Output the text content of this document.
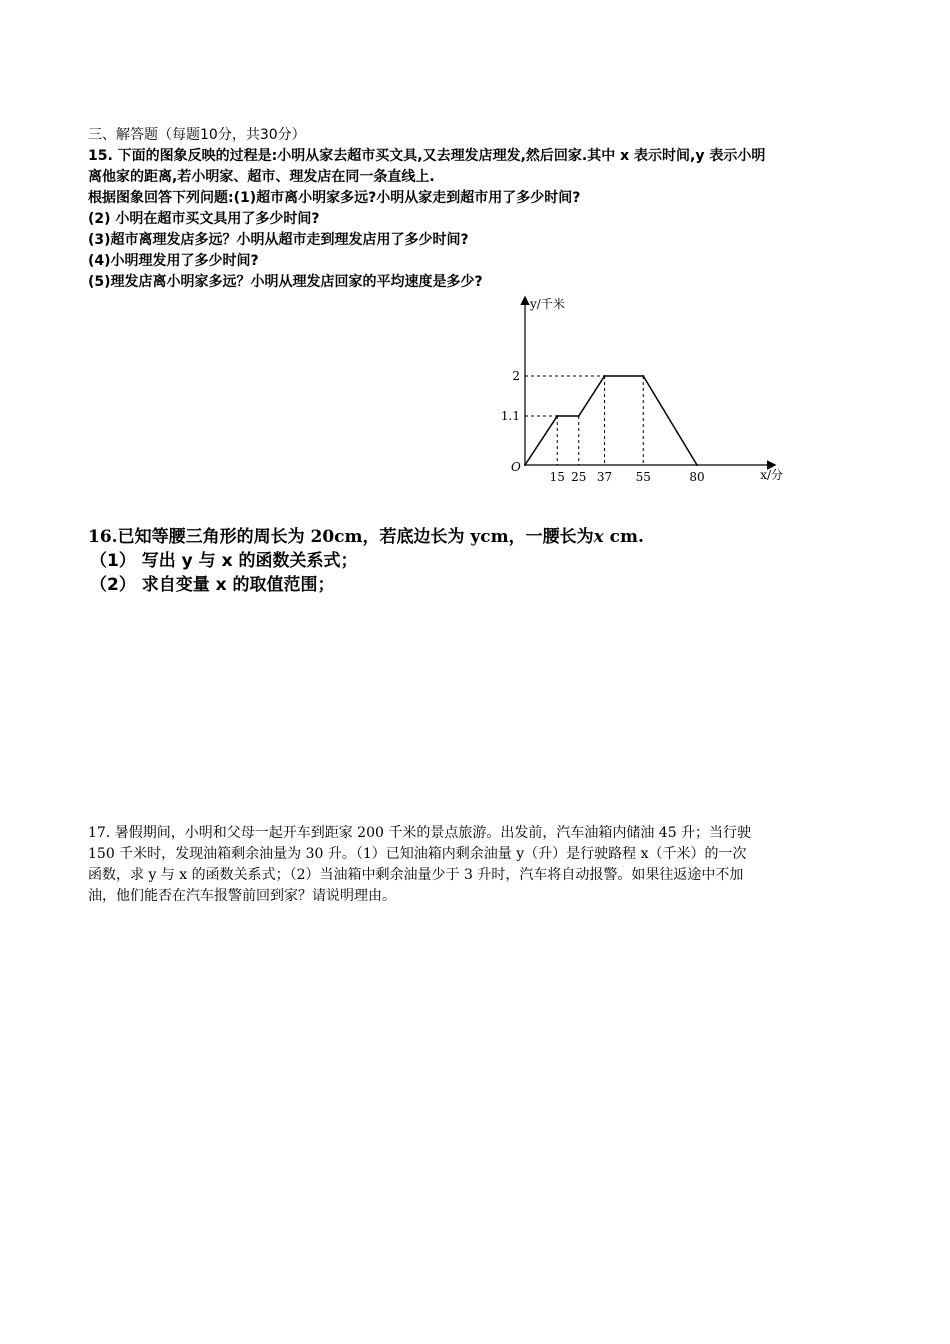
三、解答题（每题10分，共30分）
15. 下面的图象反映的过程是:小明从家去超市买文具,又去理发店理发,然后回家.其中 x 表示时间,y 表示小明
离他家的距离,若小明家、超市、理发店在同一条直线上.
根据图象回答下列问题:(1)超市离小明家多远?小明从家走到超市用了多少时间?
(2) 小明在超市买文具用了多少时间?
(3)超市离理发店多远？小明从超市走到理发店用了多少时间?
(4)小明理发用了多少时间?
(5)理发店离小明家多远？小明从理发店回家的平均速度是多少?
15 25 37 55	80
1.1
2
O
x/分
y/千米
16.已知等腰三角形的周长为 20cm，若底边长为 ycm，一腰长为x cm.
（1） 写出 y 与 x 的函数关系式；
（2） 求自变量 x 的取值范围；
17. 暑假期间，小明和父母一起开车到距家 200 千米的景点旅游。出发前，汽车油箱内储油 45 升；当行驶
150 千米时，发现油箱剩余油量为 30 升。（1）已知油箱内剩余油量 y（升）是行驶路程 x（千米）的一次
函数，求 y 与 x 的函数关系式；（2）当油箱中剩余油量少于 3 升时，汽车将自动报警。如果往返途中不加
油，他们能否在汽车报警前回到家？请说明理由。
